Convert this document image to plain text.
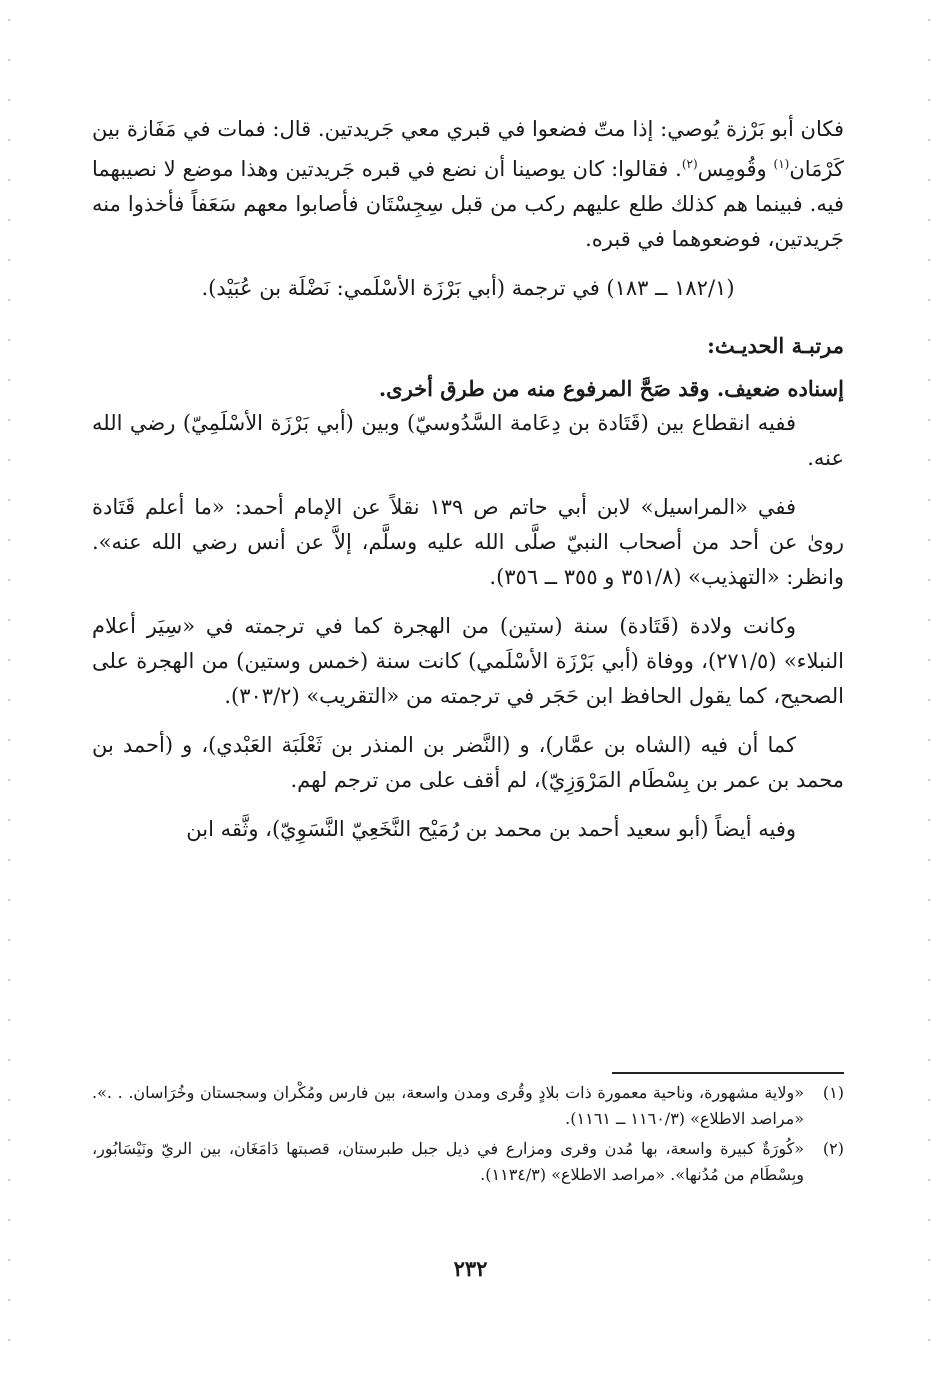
فكان أبو بَرْزة يُوصي: إذا متّ فضعوا في قبري معي جَريدتين. قال: فمات في مَفَازة بين كَرْمَان$^{(١)}$ وقُومِس$^{(٢)}$. فقالوا: كان يوصينا أن نضع في قبره جَريدتين وهذا موضع لا نصيبهما فيه. فبينما هم كذلك طلع عليهم ركب من قبل سِجِسْتَان فأصابوا معهم سَعَفاً فأخذوا منه جَريدتين، فوضعوهما في قبره.

(١٨٢/١ ــ ١٨٣) في ترجمة (أبي بَرْزَة الأسْلَمي: نَضْلَة بن عُبَيْد).

مرتبـة الحديـث:

إسناده ضعيف. وقد صَحَّ المرفوع منه من طرق أخرى.

ففيه انقطاع بين (قَتَادة بن دِعَامة السَّدُوسيّ) وبين (أبي بَرْزَة الأسْلَمِيّ) رضي الله عنه.

ففي «المراسيل» لابن أبي حاتم ص ١٣٩ نقلاً عن الإمام أحمد: «ما أعلم قَتَادة روىٰ عن أحد من أصحاب النبيّ صلَّى الله عليه وسلَّم، إلاَّ عن أنس رضي الله عنه». وانظر: «التهذيب» (٣٥١/٨ و ٣٥٥ ــ ٣٥٦).

وكانت ولادة (قَتَادة) سنة (ستين) من الهجرة كما في ترجمته في «سِيَر أعلام النبلاء» (٢٧١/٥)، ووفاة (أبي بَرْزَة الأسْلَمي) كانت سنة (خمس وستين) من الهجرة على الصحيح، كما يقول الحافظ ابن حَجَر في ترجمته من «التقريب» (٣٠٣/٢).

كما أن فيه (الشاه بن عمَّار)، و (النَّضر بن المنذر بن ثَعْلَبَة العَبْدي)، و (أحمد بن محمد بن عمر بن بِسْطَام المَرْوَزِيّ)، لم أقف على من ترجم لهم.

وفيه أيضاً (أبو سعيد أحمد بن محمد بن رُمَيْح النَّخَعِيّ النَّسَوِيّ)، وثَّقه ابن

(١)
«ولاية مشهورة، وناحية معمورة ذات بلادٍ وقُرى ومدن واسعة، بين فارس ومُكْران وسجستان وخُرَاسان. . .». «مراصد الاطلاع» (١١٦٠/٣ ــ ١١٦١).
(٢)
«كُورَةٌ كبيرة واسعة، بها مُدن وقرى ومزارع في ذيل جبل طبرستان، قصبتها دَامَغَان، بين الريّ ونَيْسَابُور، وبِسْطَام من مُدُنها». «مراصد الاطلاع» (١١٣٤/٣).
٢٣٢
